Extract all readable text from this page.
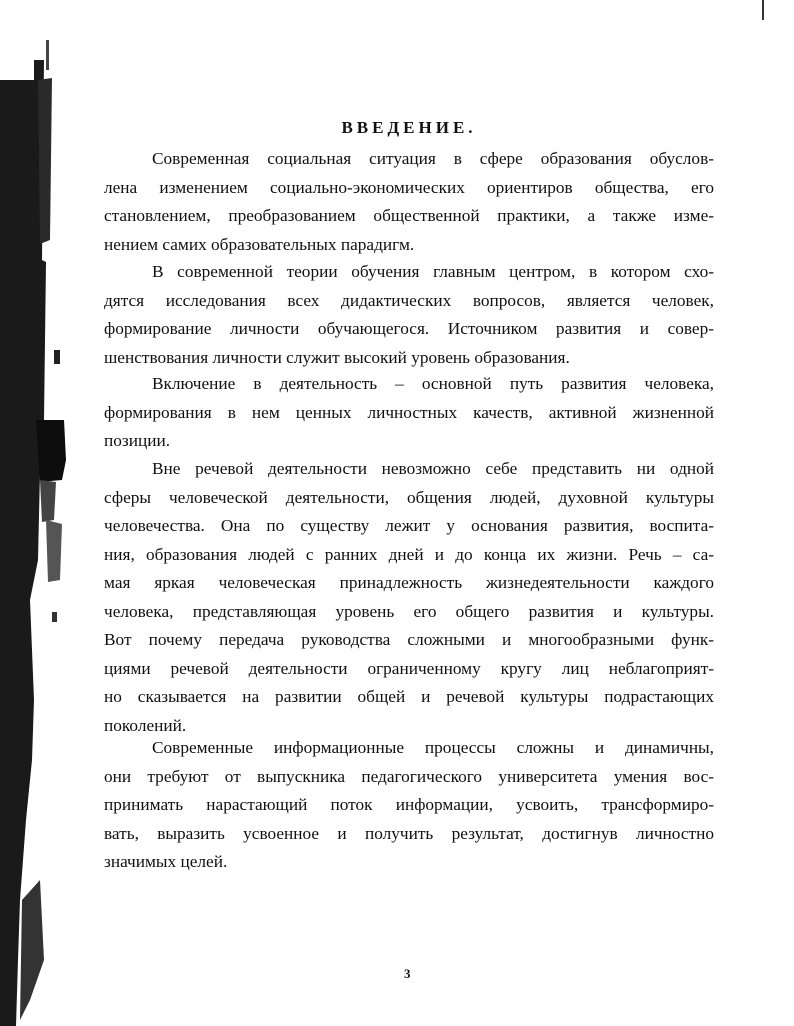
ВВЕДЕНИЕ.
Современная социальная ситуация в сфере образования обуслов-
лена изменением социально-экономических ориентиров общества, его
становлением, преобразованием общественной практики, а также изме-
нением самих образовательных парадигм.
В современной теории обучения главным центром, в котором схо-
дятся исследования всех дидактических вопросов, является человек,
формирование личности обучающегося. Источником развития и совер-
шенствования личности служит высокий уровень образования.
Включение в деятельность – основной путь развития человека,
формирования в нем ценных личностных качеств, активной жизненной
позиции.
Вне речевой деятельности невозможно себе представить ни одной
сферы человеческой деятельности, общения людей, духовной культуры
человечества. Она по существу лежит у основания развития, воспита-
ния, образования людей с ранних дней и до конца их жизни. Речь – са-
мая яркая человеческая принадлежность жизнедеятельности каждого
человека, представляющая уровень его общего развития и культуры.
Вот почему передача руководства сложными и многообразными функ-
циями речевой деятельности ограниченному кругу лиц неблагоприят-
но сказывается на развитии общей и речевой культуры подрастающих
поколений.
Современные информационные процессы сложны и динамичны,
они требуют от выпускника педагогического университета умения вос-
принимать нарастающий поток информации, усвоить, трансформиро-
вать, выразить усвоенное и получить результат, достигнув личностно
значимых целей.
3
